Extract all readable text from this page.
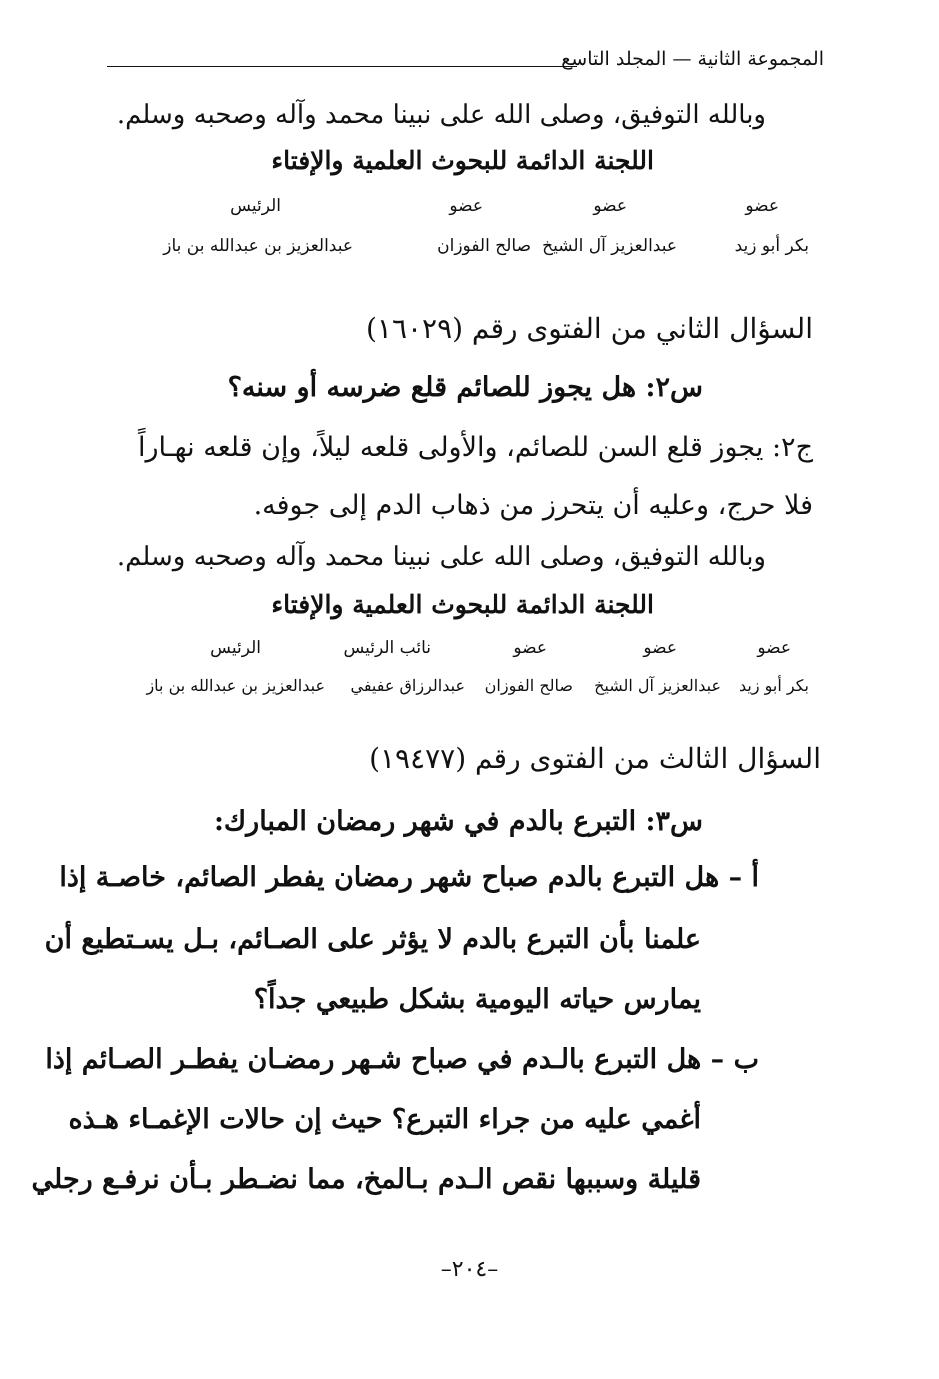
المجموعة الثانية — المجلد التاسع
وبالله التوفيق، وصلى الله على نبينا محمد وآله وصحبه وسلم.
اللجنة الدائمة للبحوث العلمية والإفتاء
عضو
عضو
عضو
الرئيس
بكر أبو زيد
عبدالعزيز آل الشيخ
صالح الفوزان
عبدالعزيز بن عبدالله بن باز
السؤال الثاني من الفتوى رقم (١٦٠٢٩)
س٢: هل يجوز للصائم قلع ضرسه أو سنه؟
ج٢: يجوز قلع السن للصائم، والأولى قلعه ليلاً، وإن قلعه نهـاراً
فلا حرج، وعليه أن يتحرز من ذهاب الدم إلى جوفه.
وبالله التوفيق، وصلى الله على نبينا محمد وآله وصحبه وسلم.
اللجنة الدائمة للبحوث العلمية والإفتاء
عضو
عضو
عضو
نائب الرئيس
الرئيس
بكر أبو زيد
عبدالعزيز آل الشيخ
صالح الفوزان
عبدالرزاق عفيفي
عبدالعزيز بن عبدالله بن باز
السؤال الثالث من الفتوى رقم (١٩٤٧٧)
س٣: التبرع بالدم في شهر رمضان المبارك:
أ – هل التبرع بالدم صباح شهر رمضان يفطر الصائم، خاصـة إذا
علمنا بأن التبرع بالدم لا يؤثر على الصـائم، بـل يسـتطيع أن
يمارس حياته اليومية بشكل طبيعي جداً؟
ب – هل التبرع بالـدم في صباح شـهر رمضـان يفطـر الصـائم إذا
أغمي عليه من جراء التبرع؟ حيث إن حالات الإغمـاء هـذه
قليلة وسببها نقص الـدم بـالمخ، مما نضـطر بـأن نرفـع رجلي
–٢٠٤–
